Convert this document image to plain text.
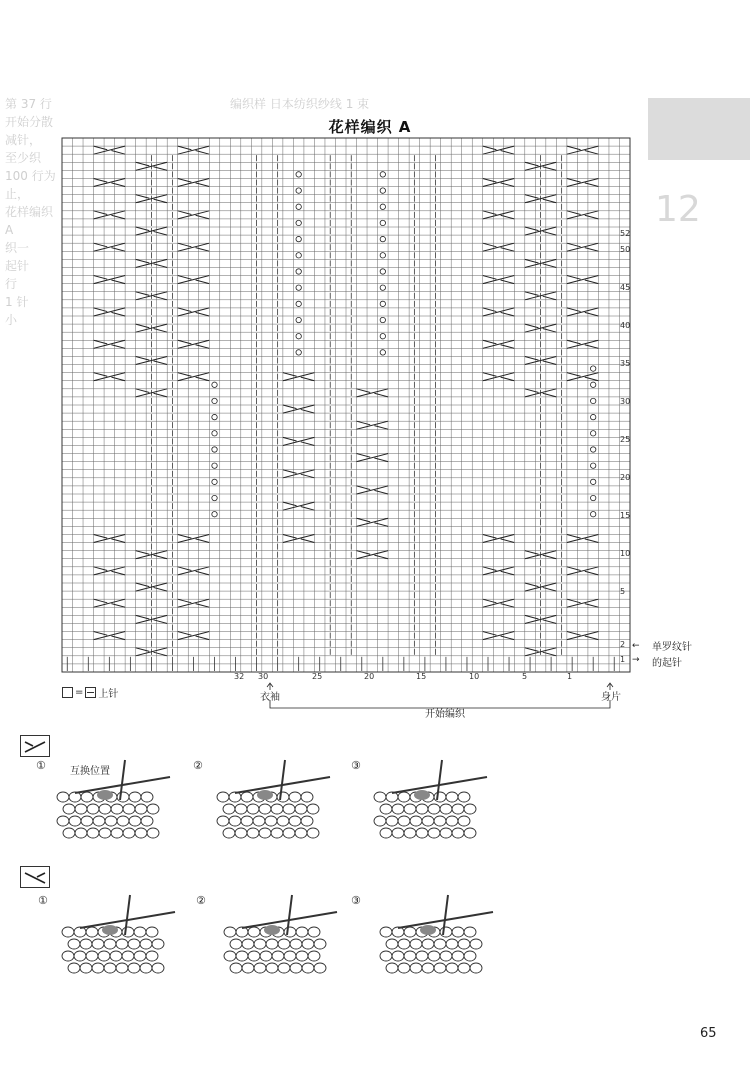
第 37 行开始分散减针，
至少织 100 行为止，
花样编织 A
织一
起针
行
1 针
小
编织样 日本纺织纱线 1 束
12
花样编织 A
52
50
45
40
35
30
25
20
15
10
5
2
1
32 30	25	20	15	10	5	1
单罗纹针
的起针
←
→
= 上针	衣袖	身片
开始编织
① 互换位置	②	③
①	②	③
65
